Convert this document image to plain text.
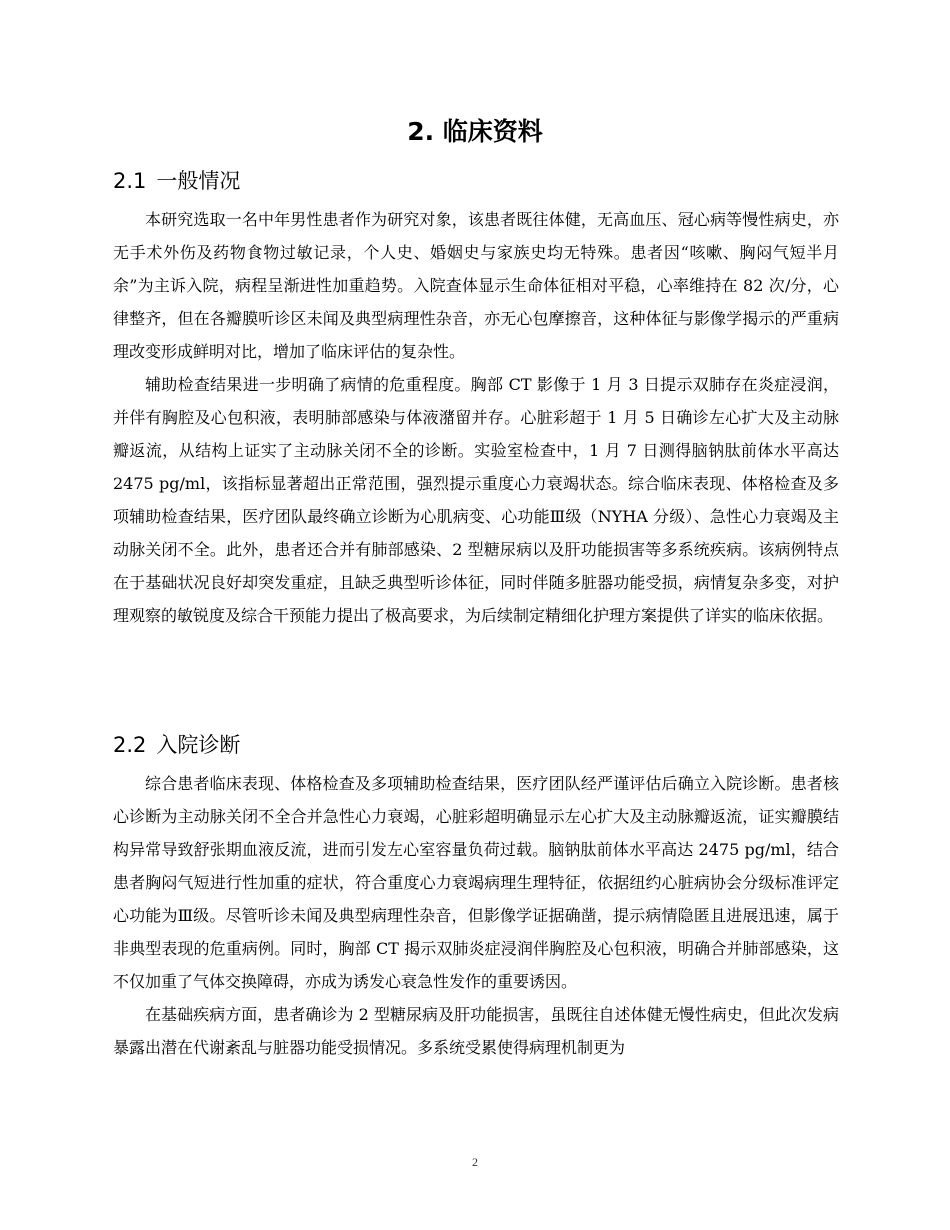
2. 临床资料
2.1 一般情况

本研究选取一名中年男性患者作为研究对象，该患者既往体健，无高血压、冠心病等慢性病史，亦无手术外伤及药物食物过敏记录，个人史、婚姻史与家族史均无特殊。患者因“咳嗽、胸闷气短半月余”为主诉入院，病程呈渐进性加重趋势。入院查体显示生命体征相对平稳，心率维持在 82 次/分，心律整齐，但在各瓣膜听诊区未闻及典型病理性杂音，亦无心包摩擦音，这种体征与影像学揭示的严重病理改变形成鲜明对比，增加了临床评估的复杂性。

辅助检查结果进一步明确了病情的危重程度。胸部 CT 影像于 1 月 3 日提示双肺存在炎症浸润，并伴有胸腔及心包积液，表明肺部感染与体液潴留并存。心脏彩超于 1 月 5 日确诊左心扩大及主动脉瓣返流，从结构上证实了主动脉关闭不全的诊断。实验室检查中，1 月 7 日测得脑钠肽前体水平高达 2475 pg/ml，该指标显著超出正常范围，强烈提示重度心力衰竭状态。综合临床表现、体格检查及多项辅助检查结果，医疗团队最终确立诊断为心肌病变、心功能Ⅲ级（NYHA 分级）、急性心力衰竭及主动脉关闭不全。此外，患者还合并有肺部感染、2 型糖尿病以及肝功能损害等多系统疾病。该病例特点在于基础状况良好却突发重症，且缺乏典型听诊体征，同时伴随多脏器功能受损，病情复杂多变，对护理观察的敏锐度及综合干预能力提出了极高要求，为后续制定精细化护理方案提供了详实的临床依据。

2.2 入院诊断

综合患者临床表现、体格检查及多项辅助检查结果，医疗团队经严谨评估后确立入院诊断。患者核心诊断为主动脉关闭不全合并急性心力衰竭，心脏彩超明确显示左心扩大及主动脉瓣返流，证实瓣膜结构异常导致舒张期血液反流，进而引发左心室容量负荷过载。脑钠肽前体水平高达 2475 pg/ml，结合患者胸闷气短进行性加重的症状，符合重度心力衰竭病理生理特征，依据纽约心脏病协会分级标准评定心功能为Ⅲ级。尽管听诊未闻及典型病理性杂音，但影像学证据确凿，提示病情隐匿且进展迅速，属于非典型表现的危重病例。同时，胸部 CT 揭示双肺炎症浸润伴胸腔及心包积液，明确合并肺部感染，这不仅加重了气体交换障碍，亦成为诱发心衰急性发作的重要诱因。

在基础疾病方面，患者确诊为 2 型糖尿病及肝功能损害，虽既往自述体健无慢性病史，但此次发病暴露出潜在代谢紊乱与脏器功能受损情况。多系统受累使得病理机制更为

2
